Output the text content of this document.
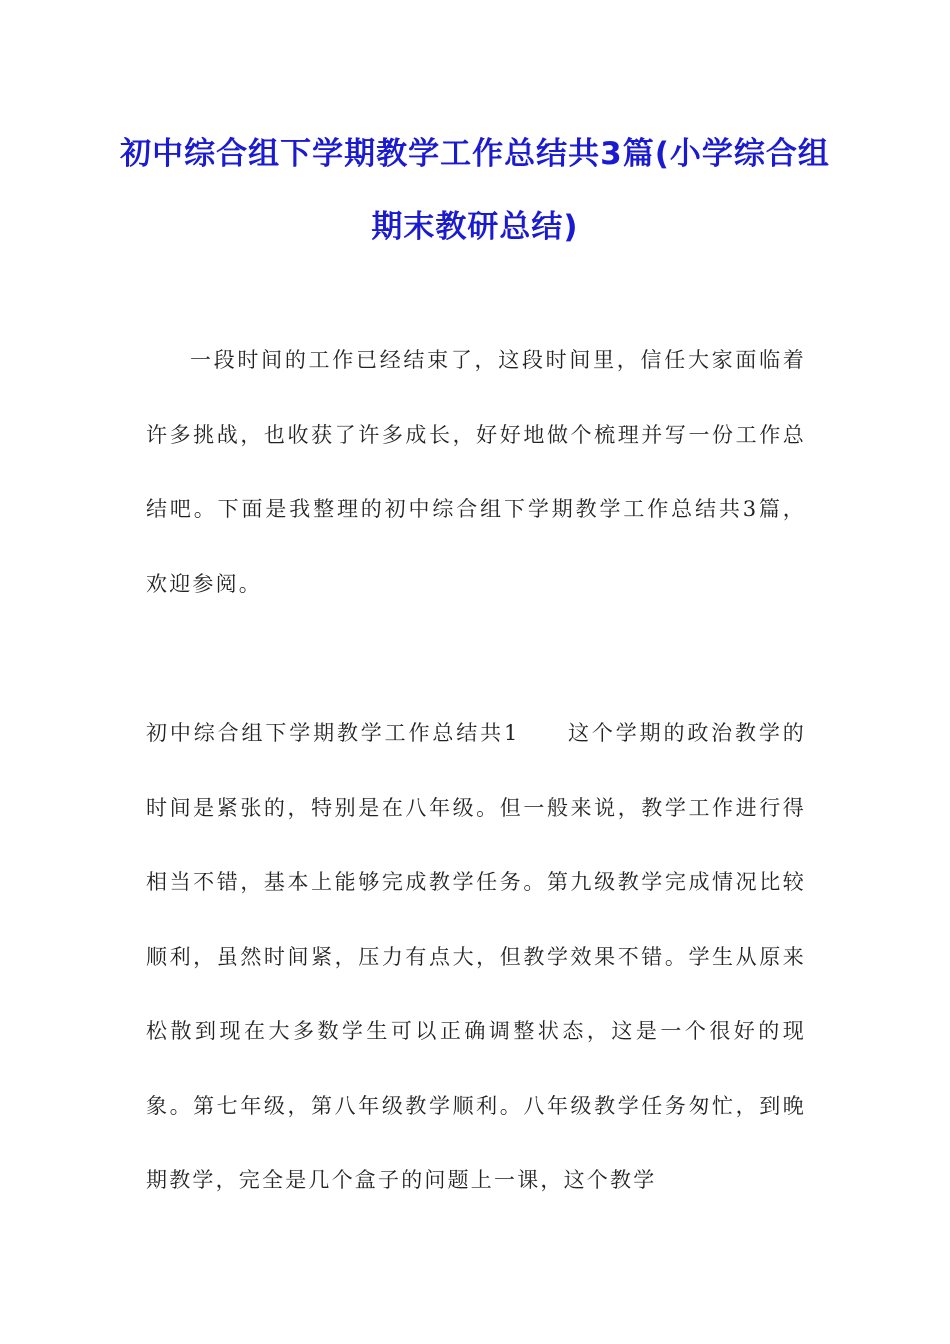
初中综合组下学期教学工作总结共3篇(小学综合组期末教研总结)

一段时间的工作已经结束了，这段时间里，信任大家面临着许多挑战，也收获了许多成长，好好地做个梳理并写一份工作总结吧。下面是我整理的初中综合组下学期教学工作总结共3篇，欢迎参阅。

初中综合组下学期教学工作总结共1　　这个学期的政治教学的时间是紧张的，特别是在八年级。但一般来说，教学工作进行得相当不错，基本上能够完成教学任务。第九级教学完成情况比较顺利，虽然时间紧，压力有点大，但教学效果不错。学生从原来松散到现在大多数学生可以正确调整状态，这是一个很好的现象。第七年级，第八年级教学顺利。八年级教学任务匆忙，到晚期教学，完全是几个盒子的问题上一课，这个教学
